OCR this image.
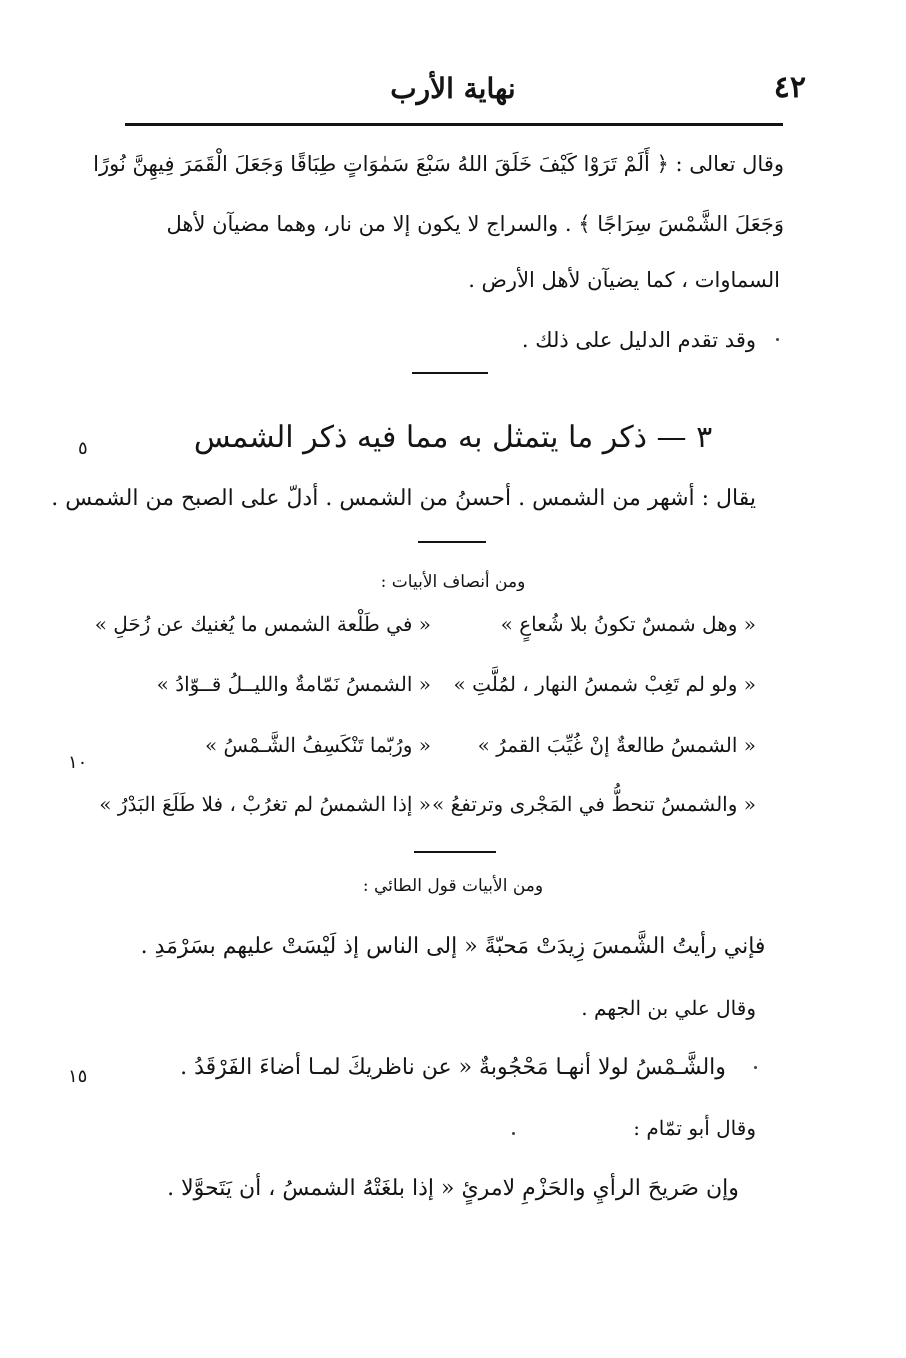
٤٢
نهاية الأرب
وقال تعالى : ﴿ أَلَمْ تَرَوْا كَيْفَ خَلَقَ اللهُ سَبْعَ سَمٰوَاتٍ طِبَاقًا وَجَعَلَ الْقَمَرَ فِيهِنَّ نُورًا
وَجَعَلَ الشَّمْسَ سِرَاجًا ﴾ . والسراج لا يكون إلا من نار، وهما مضيآن لأهل
السماوات ، كما يضيآن لأهل الأرض .
وقد تقدم الدليل على ذلك .
٣ — ذكر ما يتمثل به مما فيه ذكر الشمس
٥
يقال : أشهر من الشمس . أحسنُ من الشمس . أدلّ على الصبح من الشمس .
ومن أنصاف الأبيات :
« وهل شمسٌ تكونُ بلا شُعاعٍ »
« في طَلْعة الشمس ما يُغنيك عن زُحَلِ »
« ولو لم تَغِبْ شمسُ النهار ، لمُلَّتِ »
« الشمسُ نَمّامةٌ والليــلُ قــوّادُ »
« الشمسُ طالعةٌ إنْ غُيِّبَ القمرُ »
« ورُبّما تَنْكَسِفُ الشَّـمْسُ »
« والشمسُ تنحطُّ في المَجْرى وترتفعُ »
« إذا الشمسُ لم تغرُبْ ، فلا طَلَعَ البَدْرُ »
١٠
ومن الأبيات قول الطائي :
فإني رأيتُ الشَّمسَ زِيدَتْ مَحبّةً « إلى الناس إذ لَيْسَتْ عليهم بسَرْمَدِ .
وقال علي بن الجهم .
والشَّـمْسُ لولا أنهـا مَحْجُوبةٌ « عن ناظريكَ لمـا أضاءَ الفَرْقَدُ .
١٥
وقال أبو تمّام :
وإن صَريحَ الرأيِ والحَزْمِ لامرئٍ « إذا بلغَتْهُ الشمسُ ، أن يَتَحوَّلا .
